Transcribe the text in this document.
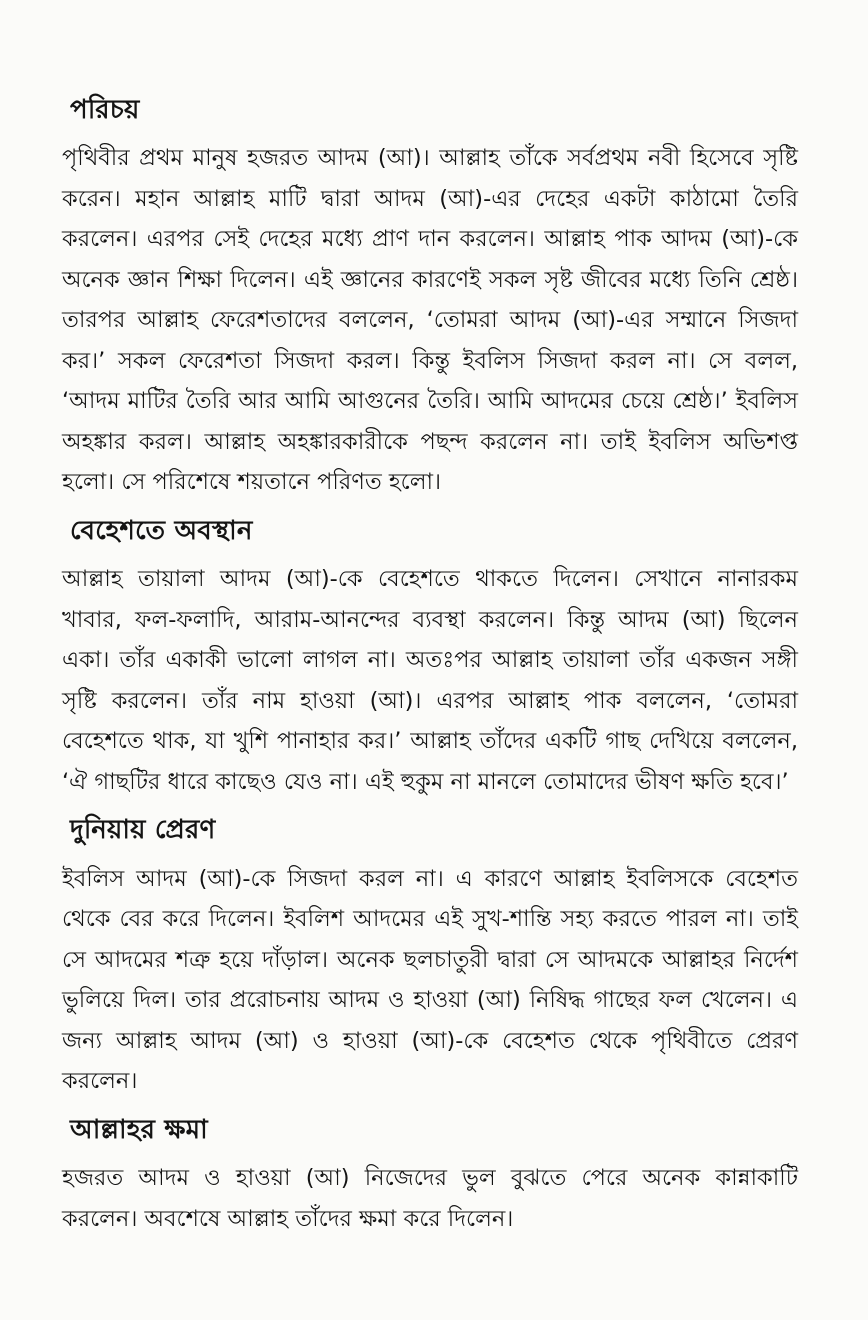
পরিচয়

পৃথিবীর প্রথম মানুষ হজরত আদম (আ)। আল্লাহ তাঁকে সর্বপ্রথম নবী হিসেবে সৃষ্টি করেন। মহান আল্লাহ মাটি দ্বারা আদম (আ)-এর দেহের একটা কাঠামো তৈরি করলেন। এরপর সেই দেহের মধ্যে প্রাণ দান করলেন। আল্লাহ পাক আদম (আ)-কে অনেক জ্ঞান শিক্ষা দিলেন। এই জ্ঞানের কারণেই সকল সৃষ্ট জীবের মধ্যে তিনি শ্রেষ্ঠ। তারপর আল্লাহ ফেরেশতাদের বললেন, ‘তোমরা আদম (আ)-এর সম্মানে সিজদা কর।’ সকল ফেরেশতা সিজদা করল। কিন্তু ইবলিস সিজদা করল না। সে বলল, ‘আদম মাটির তৈরি আর আমি আগুনের তৈরি। আমি আদমের চেয়ে শ্রেষ্ঠ।’ ইবলিস অহঙ্কার করল। আল্লাহ অহঙ্কারকারীকে পছন্দ করলেন না। তাই ইবলিস অভিশপ্ত হলো। সে পরিশেষে শয়তানে পরিণত হলো।

বেহেশতে অবস্থান

আল্লাহ তায়ালা আদম (আ)-কে বেহেশতে থাকতে দিলেন। সেখানে নানারকম খাবার, ফল-ফলাদি, আরাম-আনন্দের ব্যবস্থা করলেন। কিন্তু আদম (আ) ছিলেন একা। তাঁর একাকী ভালো লাগল না। অতঃপর আল্লাহ তায়ালা তাঁর একজন সঙ্গী সৃষ্টি করলেন। তাঁর নাম হাওয়া (আ)। এরপর আল্লাহ পাক বললেন, ‘তোমরা বেহেশতে থাক, যা খুশি পানাহার কর।’ আল্লাহ তাঁদের একটি গাছ দেখিয়ে বললেন, ‘ঐ গাছটির ধারে কাছেও যেও না। এই হুকুম না মানলে তোমাদের ভীষণ ক্ষতি হবে।’

দুনিয়ায় প্রেরণ

ইবলিস আদম (আ)-কে সিজদা করল না। এ কারণে আল্লাহ ইবলিসকে বেহেশত থেকে বের করে দিলেন। ইবলিশ আদমের এই সুখ-শান্তি সহ্য করতে পারল না। তাই সে আদমের শত্রু হয়ে দাঁড়াল। অনেক ছলচাতুরী দ্বারা সে আদমকে আল্লাহর নির্দেশ ভুলিয়ে দিল। তার প্ররোচনায় আদম ও হাওয়া (আ) নিষিদ্ধ গাছের ফল খেলেন। এ জন্য আল্লাহ আদম (আ) ও হাওয়া (আ)-কে বেহেশত থেকে পৃথিবীতে প্রেরণ করলেন।

আল্লাহর ক্ষমা

হজরত আদম ও হাওয়া (আ) নিজেদের ভুল বুঝতে পেরে অনেক কান্নাকাটি করলেন। অবশেষে আল্লাহ তাঁদের ক্ষমা করে দিলেন।
